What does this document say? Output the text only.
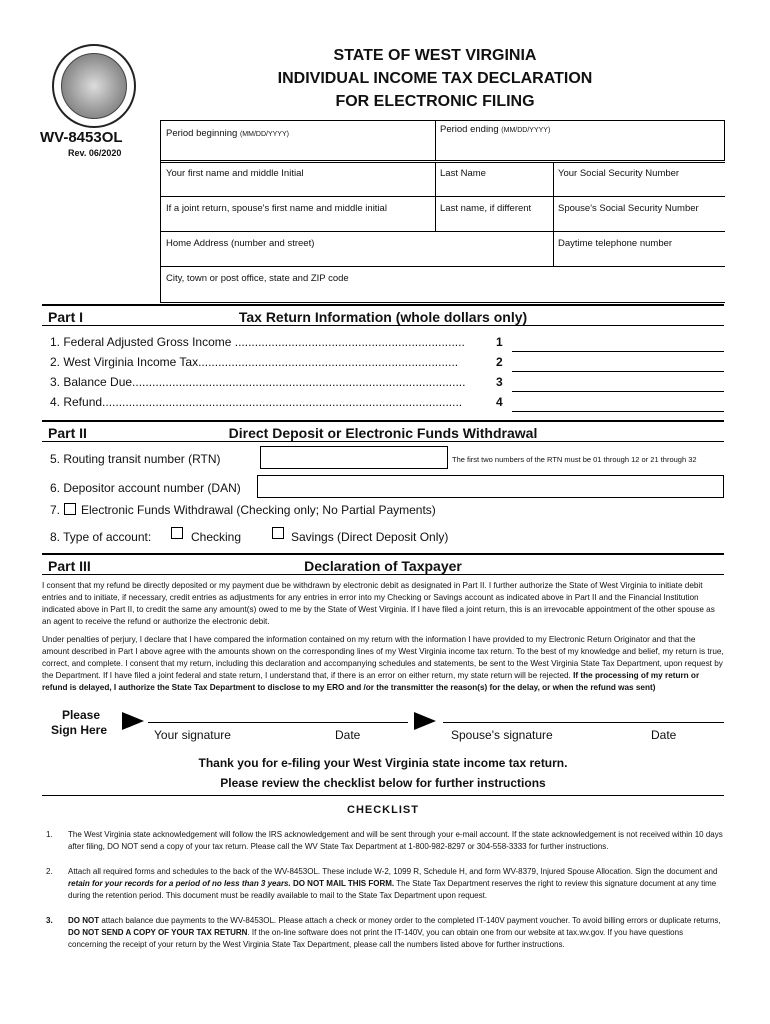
STATE OF WEST VIRGINIA
INDIVIDUAL INCOME TAX DECLARATION
FOR ELECTRONIC FILING
WV-8453OL
Rev. 06/2020
Period beginning (MM/DD/YYYY)	Period ending (MM/DD/YYYY)
Your first name and middle Initial	Last Name	Your Social Security Number
If a joint return, spouse's first name and middle initial	Last name, if different	Spouse's Social Security Number
Home Address (number and street)	Daytime telephone number
City, town or post office, state and ZIP code
Part I	Tax Return Information (whole dollars only)
1. Federal Adjusted Gross Income .....................................................................	1
2. West Virginia Income Tax..............................................................................	2
3. Balance Due....................................................................................................	3
4. Refund............................................................................................................	4
Part II	Direct Deposit or Electronic Funds Withdrawal
5. Routing transit number (RTN)	The first two numbers of the RTN must be 01 through 12 or 21 through 32
6. Depositor account number (DAN)
7. Electronic Funds Withdrawal (Checking only; No Partial Payments)
8. Type of account:	Checking	Savings (Direct Deposit Only)
Part III	Declaration of Taxpayer
I consent that my refund be directly deposited or my payment due be withdrawn by electronic debit as designated in Part II. I further authorize the State of West Virginia to initiate debit entries and to initiate, if necessary, credit entries as adjustments for any entries in error into my Checking or Savings account as indicated above in Part II and the Financial Institution indicated above in Part II, to credit the same any amount(s) owed to me by the State of West Virginia. If I have filed a joint return, this is an irrevocable appointment of the other spouse as an agent to receive the refund or authorize the electronic debit.
Under penalties of perjury, I declare that I have compared the information contained on my return with the information I have provided to my Electronic Return Originator and that the amount described in Part I above agree with the amounts shown on the corresponding lines of my West Virginia income tax return. To the best of my knowledge and belief, my return is true, correct, and complete. I consent that my return, including this declaration and accompanying schedules and statements, be sent to the West Virginia State Tax Department, upon request by the Department. If I have filed a joint federal and state return, I understand that, if there is an error on either return, my state return will be rejected. If the processing of my return or refund is delayed, I authorize the State Tax Department to disclose to my ERO and /or the transmitter the reason(s) for the delay, or when the refund was sent)
Please
Sign Here	Your signature	Date	Spouse's signature	Date
Thank you for e-filing your West Virginia state income tax return.
Please review the checklist below for further instructions
CHECKLIST
1. The West Virginia state acknowledgement will follow the IRS acknowledgement and will be sent through your e-mail account. If the state acknowledgement is not received within 10 days after filing, DO NOT send a copy of your tax return. Please call the WV State Tax Department at 1-800-982-8297 or 304-558-3333 for further instructions.
2. Attach all required forms and schedules to the back of the WV-8453OL. These include W-2, 1099 R, Schedule H, and form WV-8379, Injured Spouse Allocation. Sign the document and retain for your records for a period of no less than 3 years. DO NOT MAIL THIS FORM. The State Tax Department reserves the right to review this signature document at any time during the retention period. This document must be readily available to mail to the State Tax Department upon request.
3. DO NOT attach balance due payments to the WV-8453OL. Please attach a check or money order to the completed IT-140V payment voucher. To avoid billing errors or duplicate returns, DO NOT SEND A COPY OF YOUR TAX RETURN. If the on-line software does not print the IT-140V, you can obtain one from our website at tax.wv.gov. If you have questions concerning the receipt of your return by the West Virginia State Tax Department, please call the numbers listed above for further instructions.
